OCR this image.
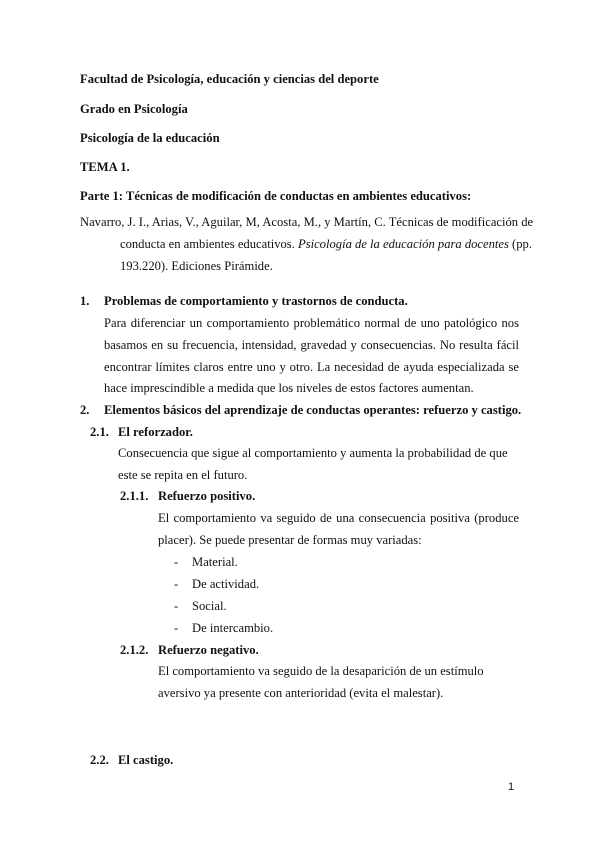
Facultad de Psicología, educación y ciencias del deporte
Grado en Psicología
Psicología de la educación
TEMA 1.
Parte 1: Técnicas de modificación de conductas en ambientes educativos:
Navarro, J. I., Arias, V., Aguilar, M, Acosta, M., y Martín, C. Técnicas de modificación de conducta en ambientes educativos. Psicología de la educación para docentes (pp. 193.220). Ediciones Pirámide.
1. Problemas de comportamiento y trastornos de conducta.
Para diferenciar un comportamiento problemático normal de uno patológico nos basamos en su frecuencia, intensidad, gravedad y consecuencias. No resulta fácil encontrar límites claros entre uno y otro. La necesidad de ayuda especializada se hace imprescindible a medida que los niveles de estos factores aumentan.
2. Elementos básicos del aprendizaje de conductas operantes: refuerzo y castigo.
2.1. El reforzador.
Consecuencia que sigue al comportamiento y aumenta la probabilidad de que este se repita en el futuro.
2.1.1. Refuerzo positivo.
El comportamiento va seguido de una consecuencia positiva (produce placer). Se puede presentar de formas muy variadas:
- Material.
- De actividad.
- Social.
- De intercambio.
2.1.2. Refuerzo negativo.
El comportamiento va seguido de la desaparición de un estímulo aversivo ya presente con anterioridad (evita el malestar).
2.2. El castigo.
1
